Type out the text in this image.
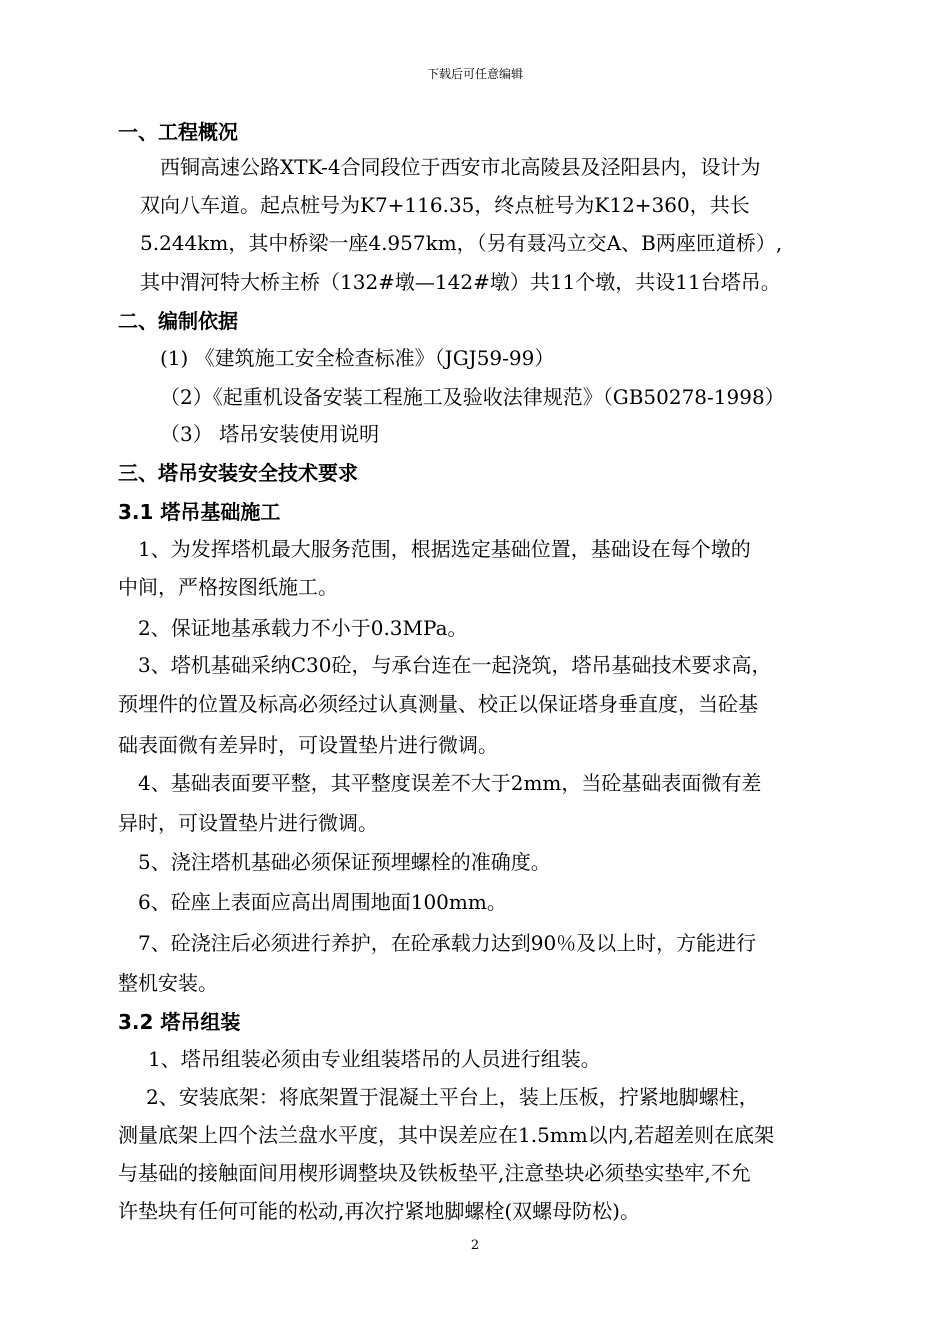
下载后可任意编辑
一、工程概况
西铜高速公路XTK-4合同段位于西安市北高陵县及泾阳县内，设计为
双向八车道。起点桩号为K7+116.35，终点桩号为K12+360，共长
5.244km，其中桥梁一座4.957km，（另有聂冯立交A、B两座匝道桥）,
其中渭河特大桥主桥（132#墩—142#墩）共11个墩，共设11台塔吊。
二、编制依据
(1) 《建筑施工安全检查标准》（JGJ59-99）
（2）《起重机设备安装工程施工及验收法律规范》（GB50278-1998）
（3） 塔吊安装使用说明
三、塔吊安装安全技术要求
3.1 塔吊基础施工
1、为发挥塔机最大服务范围，根据选定基础位置，基础设在每个墩的
中间，严格按图纸施工。
2、保证地基承载力不小于0.3MPa。
3、塔机基础采纳C30砼，与承台连在一起浇筑，塔吊基础技术要求高，
预埋件的位置及标高必须经过认真测量、校正以保证塔身垂直度，当砼基
础表面微有差异时，可设置垫片进行微调。
4、基础表面要平整，其平整度误差不大于2mm，当砼基础表面微有差
异时，可设置垫片进行微调。
5、浇注塔机基础必须保证预埋螺栓的准确度。
6、砼座上表面应高出周围地面100mm。
7、砼浇注后必须进行养护，在砼承载力达到90％及以上时，方能进行
整机安装。
3.2 塔吊组装
1、塔吊组装必须由专业组装塔吊的人员进行组装。
2、安装底架：将底架置于混凝土平台上，装上压板，拧紧地脚螺柱，
测量底架上四个法兰盘水平度，其中误差应在1.5mm以内,若超差则在底架
与基础的接触面间用楔形调整块及铁板垫平,注意垫块必须垫实垫牢,不允
许垫块有任何可能的松动,再次拧紧地脚螺栓(双螺母防松)。
2
